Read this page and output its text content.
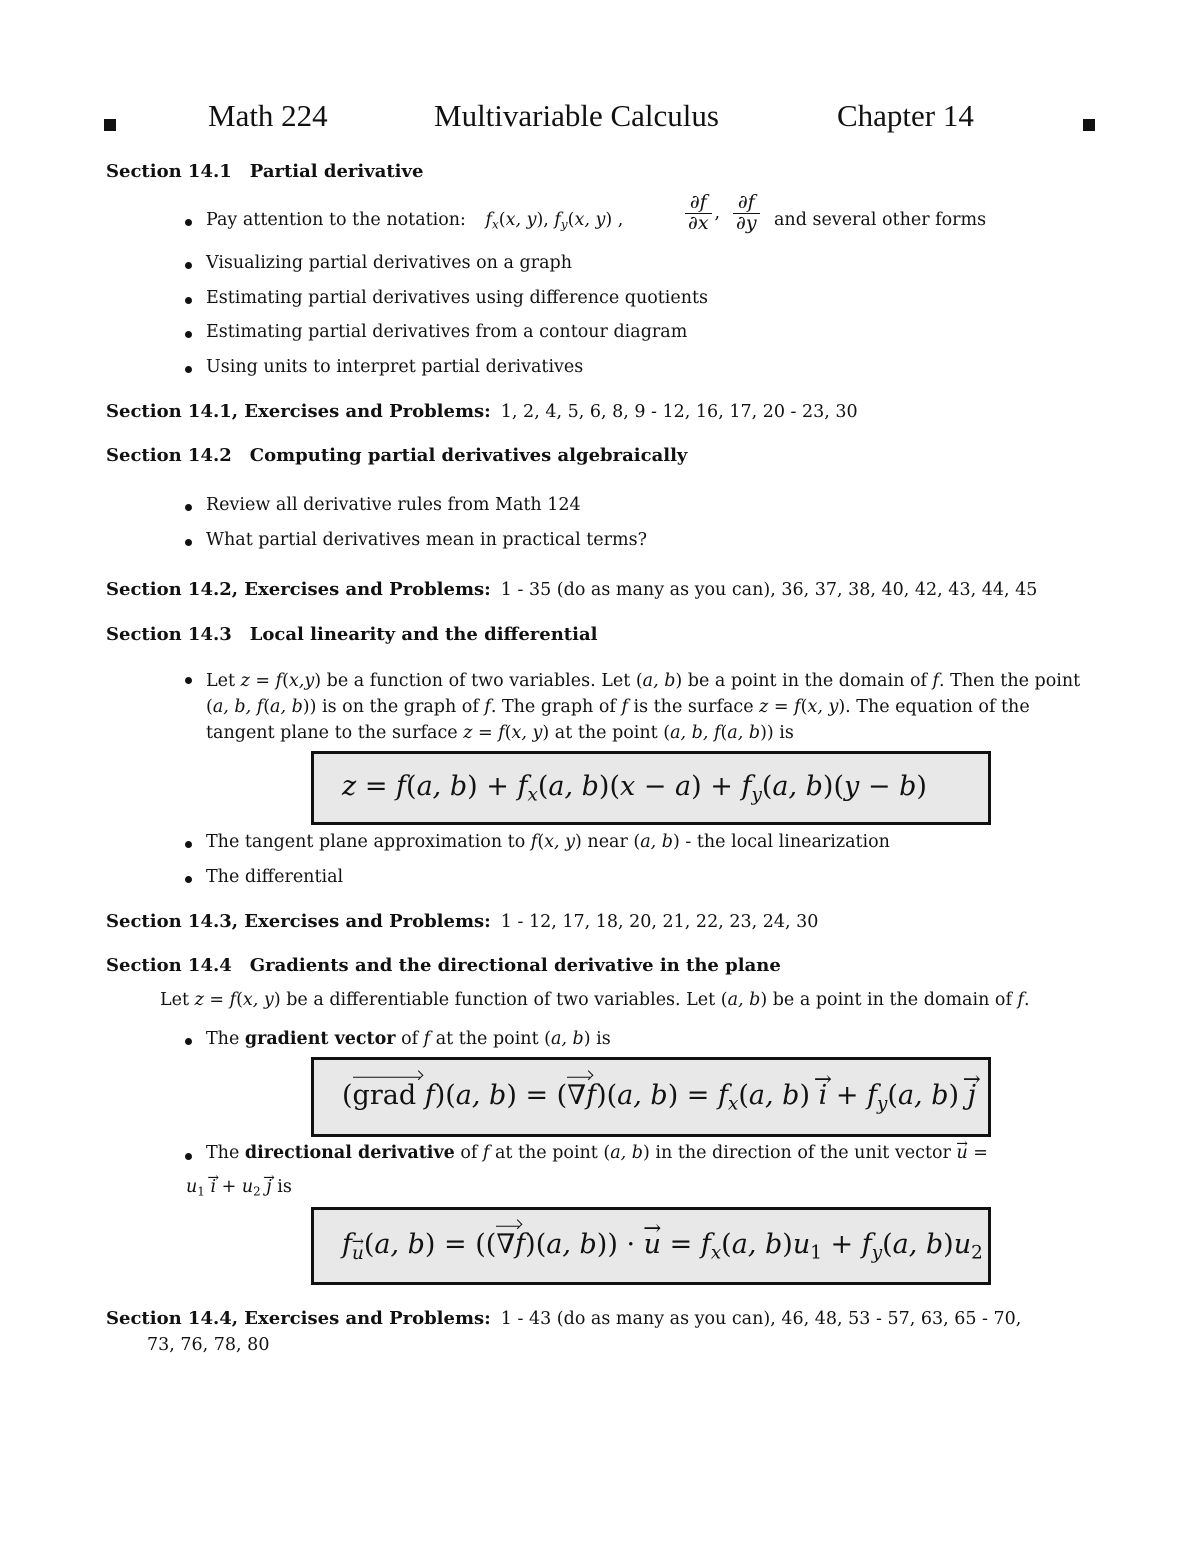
Math 224	Multivariable Calculus	Chapter 14
Section 14.1 Partial derivative
Pay attention to the notation: $f_x(x$, y), $f_y(x$, y) ,	$\frac{\partial f}{\partial x}$ , $\frac{\partial f}{\partial y}$ and several other forms
Visualizing partial derivatives on a graph
Estimating partial derivatives using difference quotients
Estimating partial derivatives from a contour diagram
Using units to interpret partial derivatives
Section 14.1, Exercises and Problems: 1, 2, 4, 5, 6, 8, 9 - 12, 16, 17, 20 - 23, 30
Section 14.2 Computing partial derivatives algebraically
Review all derivative rules from Math 124
What partial derivatives mean in practical terms?
Section 14.2, Exercises and Problems: 1 - 35 (do as many as you can), 36, 37, 38, 40, 42, 43, 44, 45
Section 14.3 Local linearity and the differential
Let z = f(x,y) be a function of two variables. Let (a, b) be a point in the domain of f. Then the point (a, b, f(a, b)) is on the graph of f. The graph of f is the surface z = f(x, y). The equation of the tangent plane to the surface z = f(x, y) at the point (a, b, f(a, b)) is
z = f(a, $b) + f_x(a$, $b)(x - a) + f_y(a$, b)(y − b)
The tangent plane approximation to f(x, y) near (a, b) - the local linearization
The differential
Section 14.3, Exercises and Problems: 1 - 12, 17, 18, 20, 21, 22, 23, 24, 30
Section 14.4 Gradients and the directional derivative in the plane
Let z = f(x, y) be a differentiable function of two variables. Let (a, b) be a point in the domain of f.
The gradient vector of f at the point (a, b) is
(grad f)(a, b) = (∇f)(a, $b) = f_x(a$, b) i → + $f_y(a$, b) j →
The directional derivative of f at the point (a, b) in the direction of the unit vector u → =
$u_1$ i → + $u_2$ j → is
$f_u \to(a$, b) = ((∇f)(a, b)) · u → = $f_x(a$, $b)u_1 + f_y(a$, $b)u_2$
Section 14.4, Exercises and Problems: 1 - 43 (do as many as you can), 46, 48, 53 - 57, 63, 65 - 70,
73, 76, 78, 80
